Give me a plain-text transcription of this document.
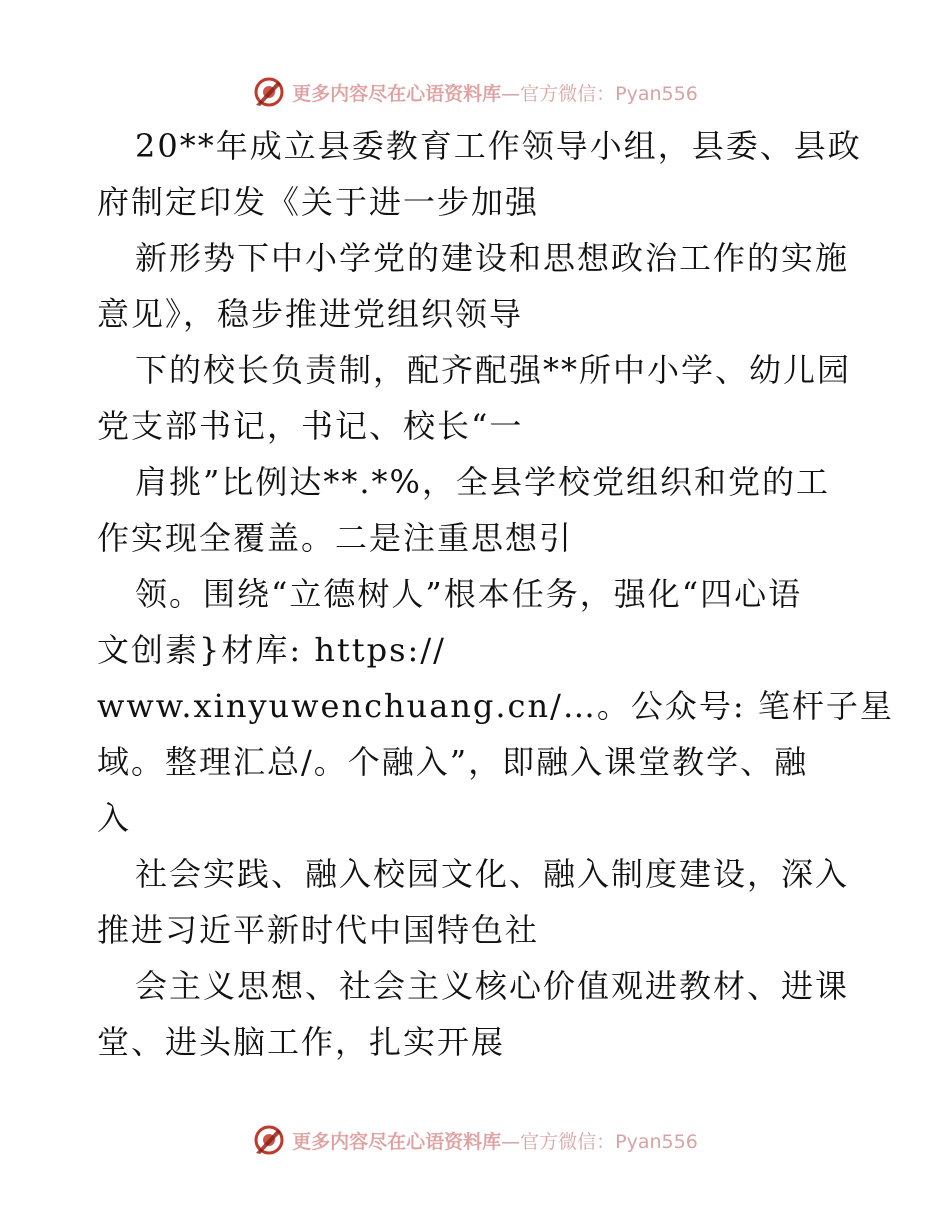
更多内容尽在心语资料库—官方微信：Pyan556
20**年成立县委教育工作领导小组，县委、县政
府制定印发《关于进一步加强
新形势下中小学党的建设和思想政治工作的实施
意见》，稳步推进党组织领导
下的校长负责制，配齐配强**所中小学、幼儿园
党支部书记，书记、校长“一
肩挑”比例达**.*%，全县学校党组织和党的工
作实现全覆盖。二是注重思想引
领。围绕“立德树人”根本任务，强化“四心语
文创素}材库: https://
www.xinyuwenchuang.cn/…。公众号: 笔杆子星
域。整理汇总/。个融入”，即融入课堂教学、融
入
社会实践、融入校园文化、融入制度建设，深入
推进习近平新时代中国特色社
会主义思想、社会主义核心价值观进教材、进课
堂、进头脑工作，扎实开展
更多内容尽在心语资料库—官方微信：Pyan556
